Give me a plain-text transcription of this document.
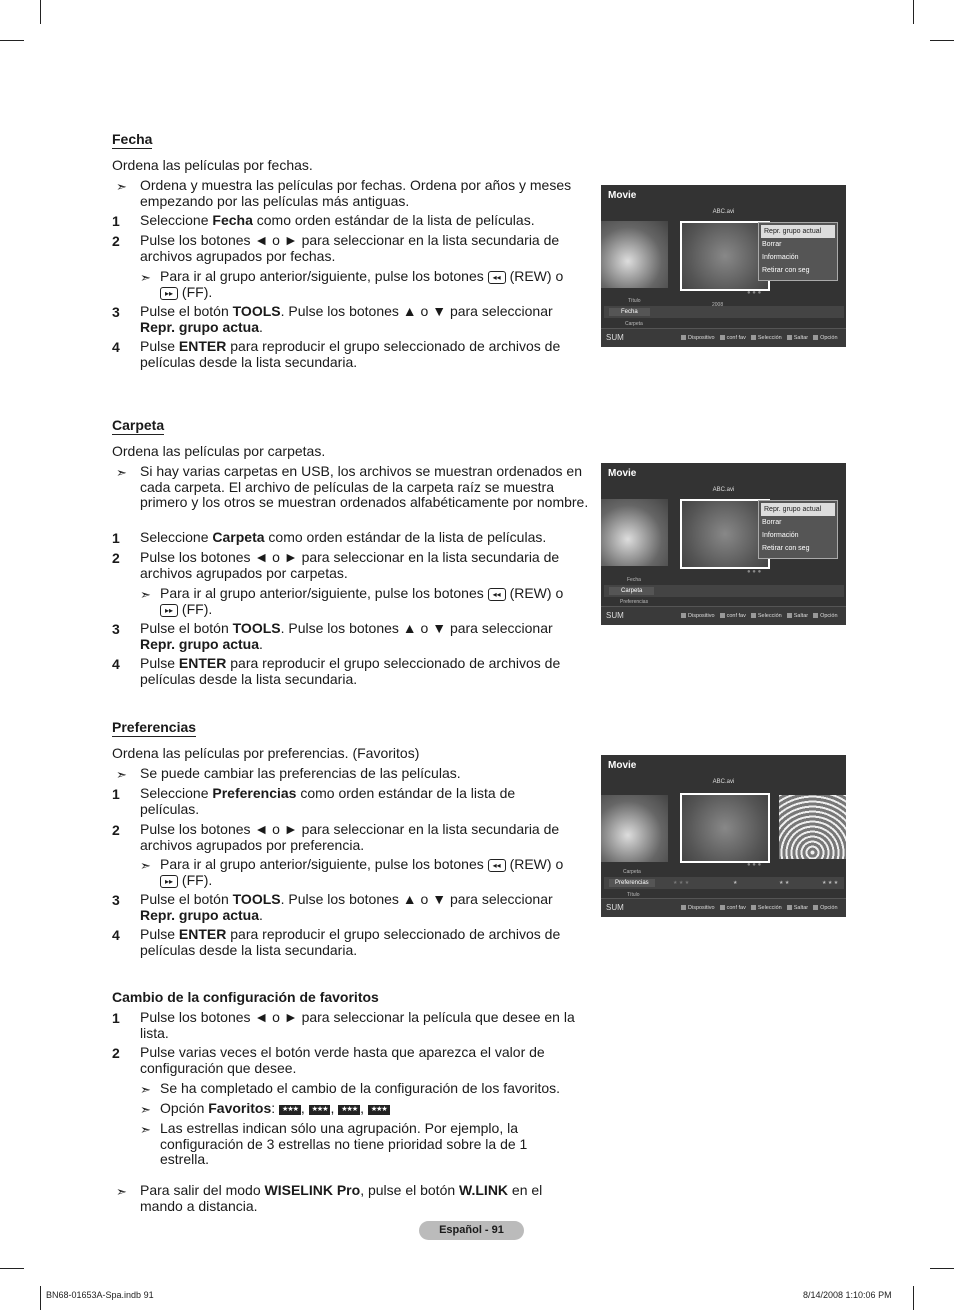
Fecha
Ordena las películas por fechas.
➣ Ordena y muestra las películas por fechas. Ordena por años y meses empezando por las películas más antiguas.
1 Seleccione Fecha como orden estándar de la lista de películas.
2 Pulse los botones ◄ o ► para seleccionar en la lista secundaria de archivos agrupados por fechas.
➣ Para ir al grupo anterior/siguiente, pulse los botones ◂◂ (REW) o
▸▸ (FF).
3 Pulse el botón TOOLS. Pulse los botones ▲ o ▼ para seleccionar
Repr. grupo actua.
4 Pulse ENTER para reproducir el grupo seleccionado de archivos de películas desde la lista secundaria.
Movie
ABC.avi
Repr. grupo actual
Borrar
Información
Retirar con seg
● ● ●
Título
2008
Fecha
Carpeta
SUM	Dispositivo conf fav Selección Saltar Opción
Carpeta
Ordena las películas por carpetas.
➣ Si hay varias carpetas en USB, los archivos se muestran ordenados en cada carpeta. El archivo de películas de la carpeta raíz se muestra primero y los otros se muestran ordenados alfabéticamente por nombre.
1 Seleccione Carpeta como orden estándar de la lista de películas.
2 Pulse los botones ◄ o ► para seleccionar en la lista secundaria de archivos agrupados por carpetas.
➣ Para ir al grupo anterior/siguiente, pulse los botones ◂◂ (REW) o
▸▸ (FF).
3 Pulse el botón TOOLS. Pulse los botones ▲ o ▼ para seleccionar
Repr. grupo actua.
4 Pulse ENTER para reproducir el grupo seleccionado de archivos de películas desde la lista secundaria.
Movie
ABC.avi
Repr. grupo actual
Borrar
Información
Retirar con seg
● ● ●
Fecha
Carpeta
Preferencias
SUM	Dispositivo conf fav Selección Saltar Opción
Preferencias
Ordena las películas por preferencias. (Favoritos)
➣ Se puede cambiar las preferencias de las películas.
1 Seleccione Preferencias como orden estándar de la lista de películas.
2 Pulse los botones ◄ o ► para seleccionar en la lista secundaria de archivos agrupados por preferencia.
➣ Para ir al grupo anterior/siguiente, pulse los botones ◂◂ (REW) o
▸▸ (FF).
3 Pulse el botón TOOLS. Pulse los botones ▲ o ▼ para seleccionar
Repr. grupo actua.
4 Pulse ENTER para reproducir el grupo seleccionado de archivos de películas desde la lista secundaria.
Movie
ABC.avi
● ● ●
Carpeta
Preferencias	★ ★ ★	★	★ ★	★ ★ ★
Título
SUM	Dispositivo conf fav Selección Saltar Opción
Cambio de la configuración de favoritos
1 Pulse los botones ◄ o ► para seleccionar la película que desee en la lista.
2 Pulse varias veces el botón verde hasta que aparezca el valor de configuración que desee.
➣ Se ha completado el cambio de la configuración de los favoritos.
➣ Opción Favoritos: ★★★ , ★★★ , ★★★ , ★★★
➣ Las estrellas indican sólo una agrupación. Por ejemplo, la configuración de 3 estrellas no tiene prioridad sobre la de 1 estrella.
➣ Para salir del modo WISELINK Pro, pulse el botón W.LINK en el mando a distancia.
Español - 91
BN68-01653A-Spa.indb 91	8/14/2008 1:10:06 PM
